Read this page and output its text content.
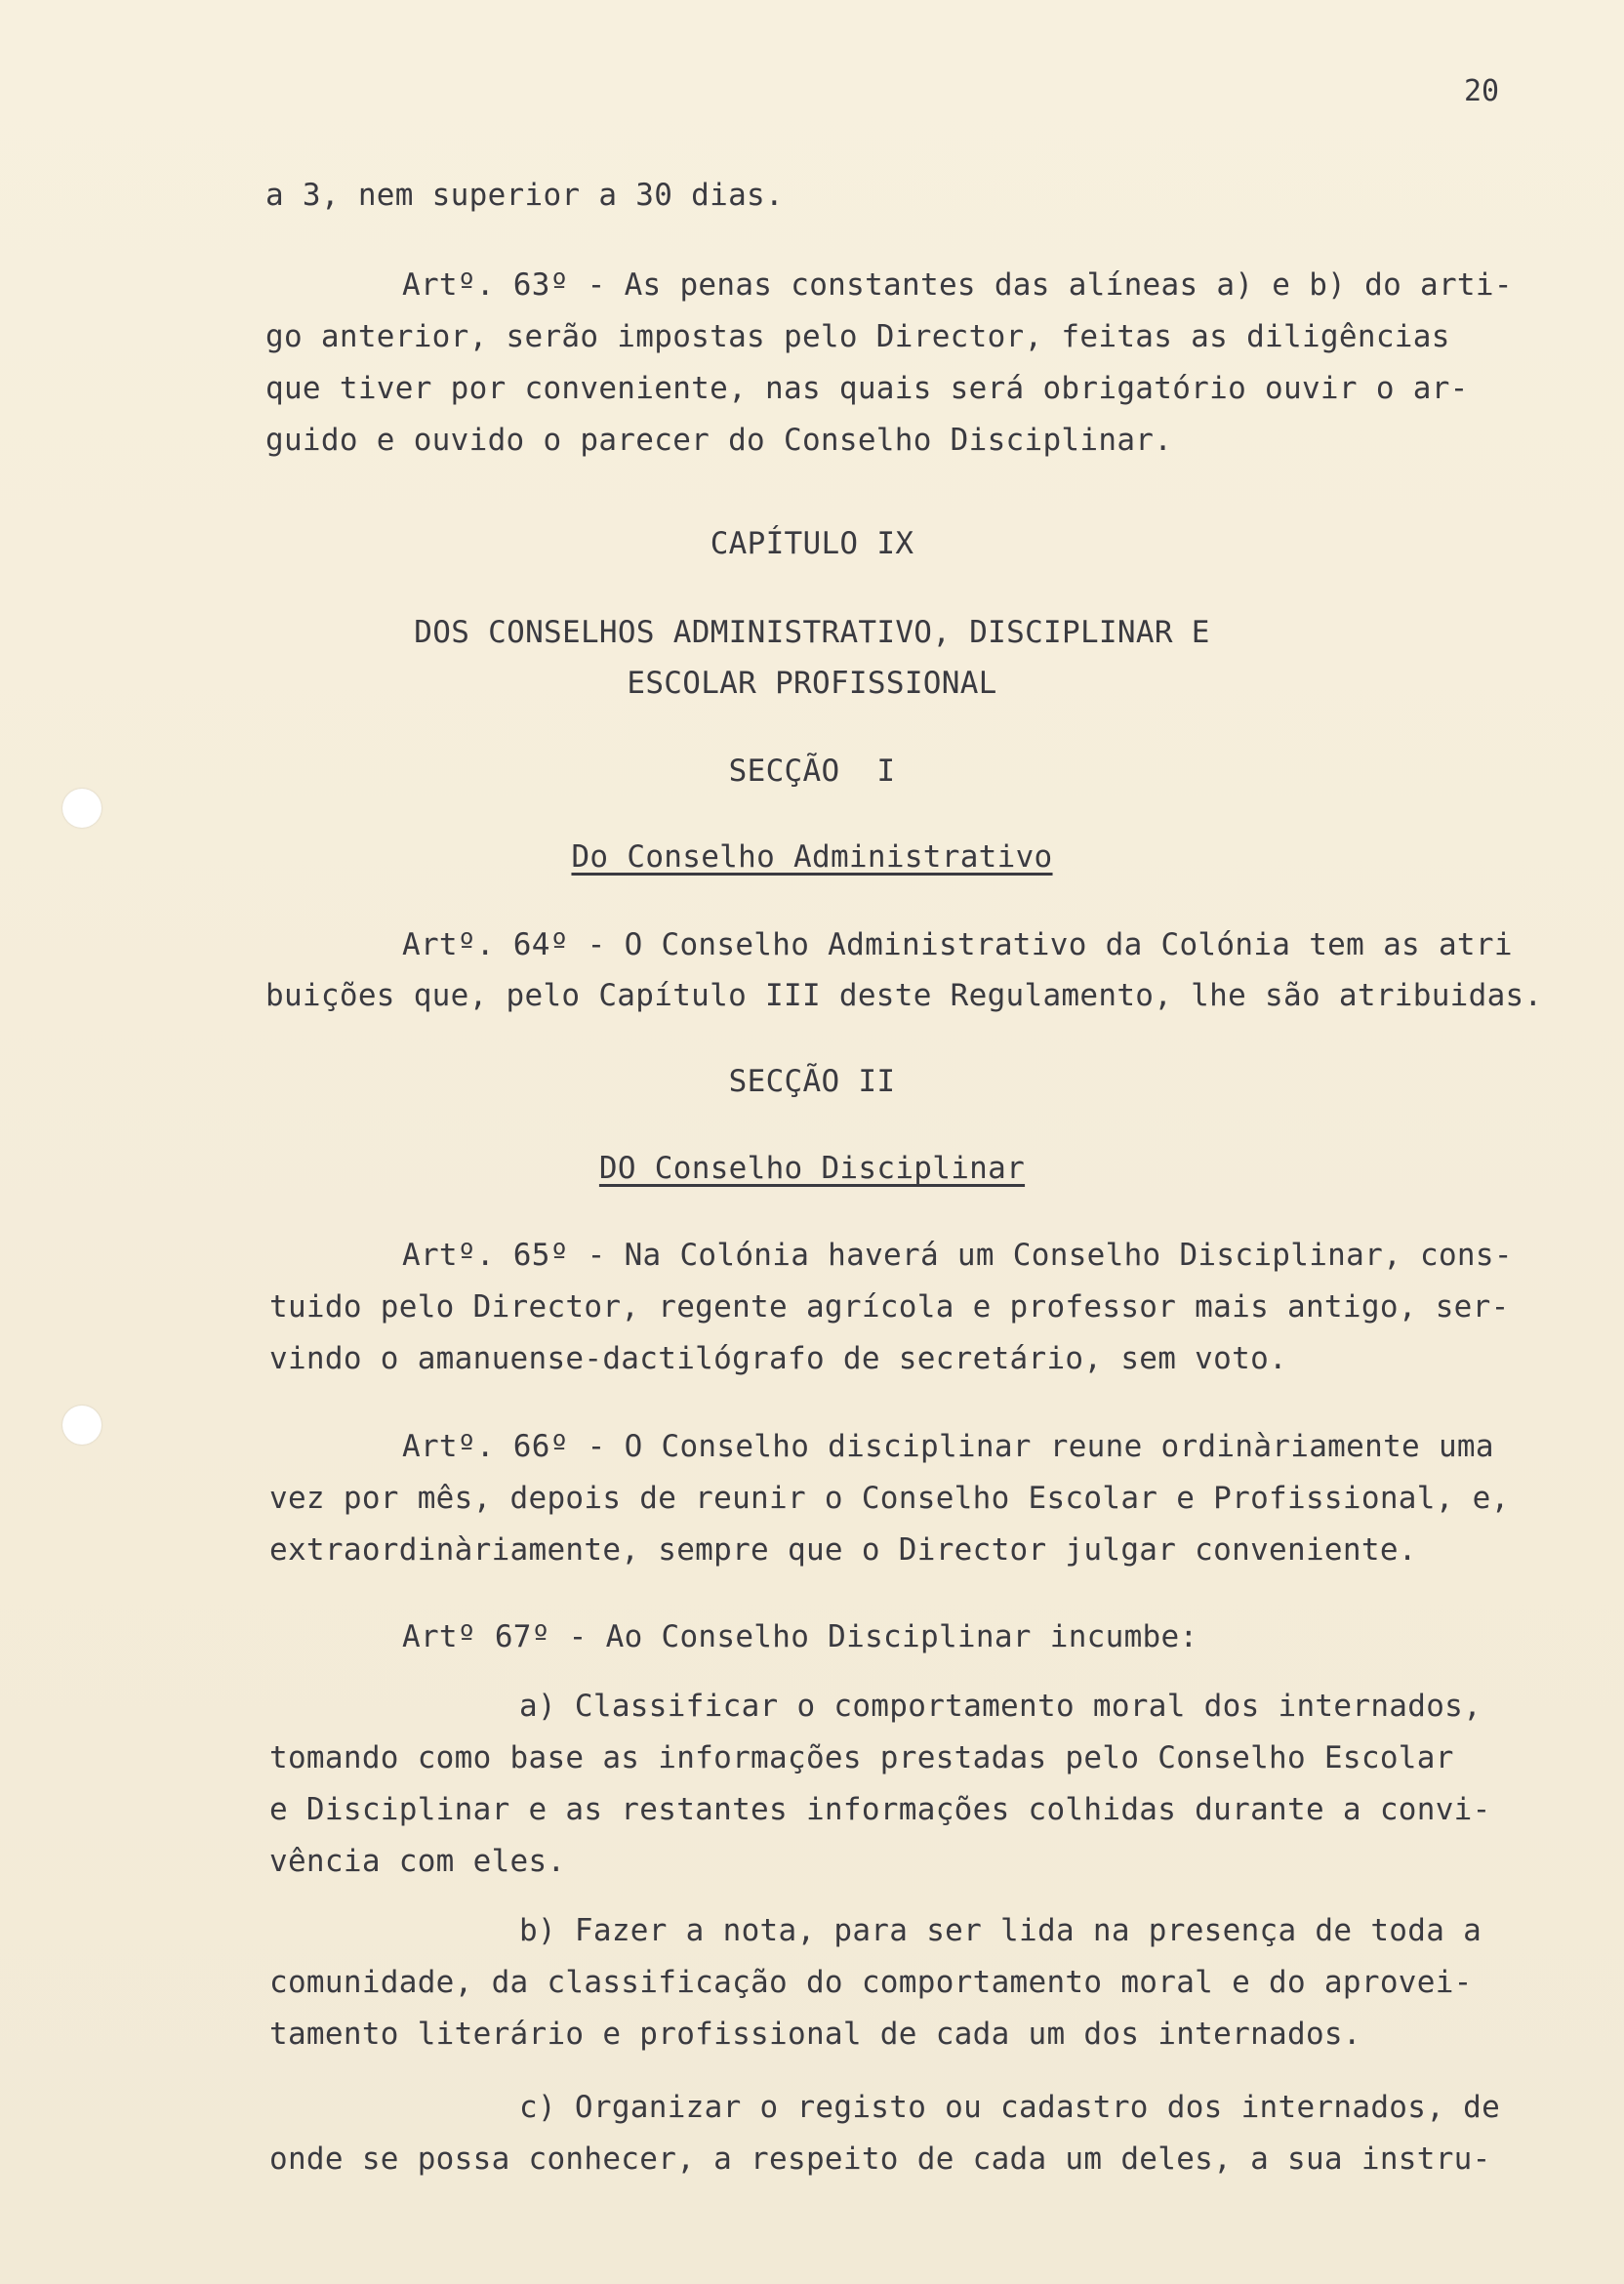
20
a 3, nem superior a 30 dias.
Artº. 63º - As penas constantes das alíneas a) e b) do arti-
go anterior, serão impostas pelo Director, feitas as diligências
que tiver por conveniente, nas quais será obrigatório ouvir o ar-
guido e ouvido o parecer do Conselho Disciplinar.
CAPÍTULO IX
DOS CONSELHOS ADMINISTRATIVO, DISCIPLINAR E
ESCOLAR PROFISSIONAL
SECÇÃO  I
Do Conselho Administrativo
Artº. 64º - O Conselho Administrativo da Colónia tem as atri
buições que, pelo Capítulo III deste Regulamento, lhe são atribuidas.
SECÇÃO II
DO Conselho Disciplinar
Artº. 65º - Na Colónia haverá um Conselho Disciplinar, cons-
tuido pelo Director, regente agrícola e professor mais antigo, ser-
vindo o amanuense-dactilógrafo de secretário, sem voto.
Artº. 66º - O Conselho disciplinar reune ordinàriamente uma
vez por mês, depois de reunir o Conselho Escolar e Profissional, e,
extraordinàriamente, sempre que o Director julgar conveniente.
Artº 67º - Ao Conselho Disciplinar incumbe:
a) Classificar o comportamento moral dos internados,
tomando como base as informações prestadas pelo Conselho Escolar
e Disciplinar e as restantes informações colhidas durante a convi-
vência com eles.
b) Fazer a nota, para ser lida na presença de toda a
comunidade, da classificação do comportamento moral e do aprovei-
tamento literário e profissional de cada um dos internados.
c) Organizar o registo ou cadastro dos internados, de
onde se possa conhecer, a respeito de cada um deles, a sua instru-
